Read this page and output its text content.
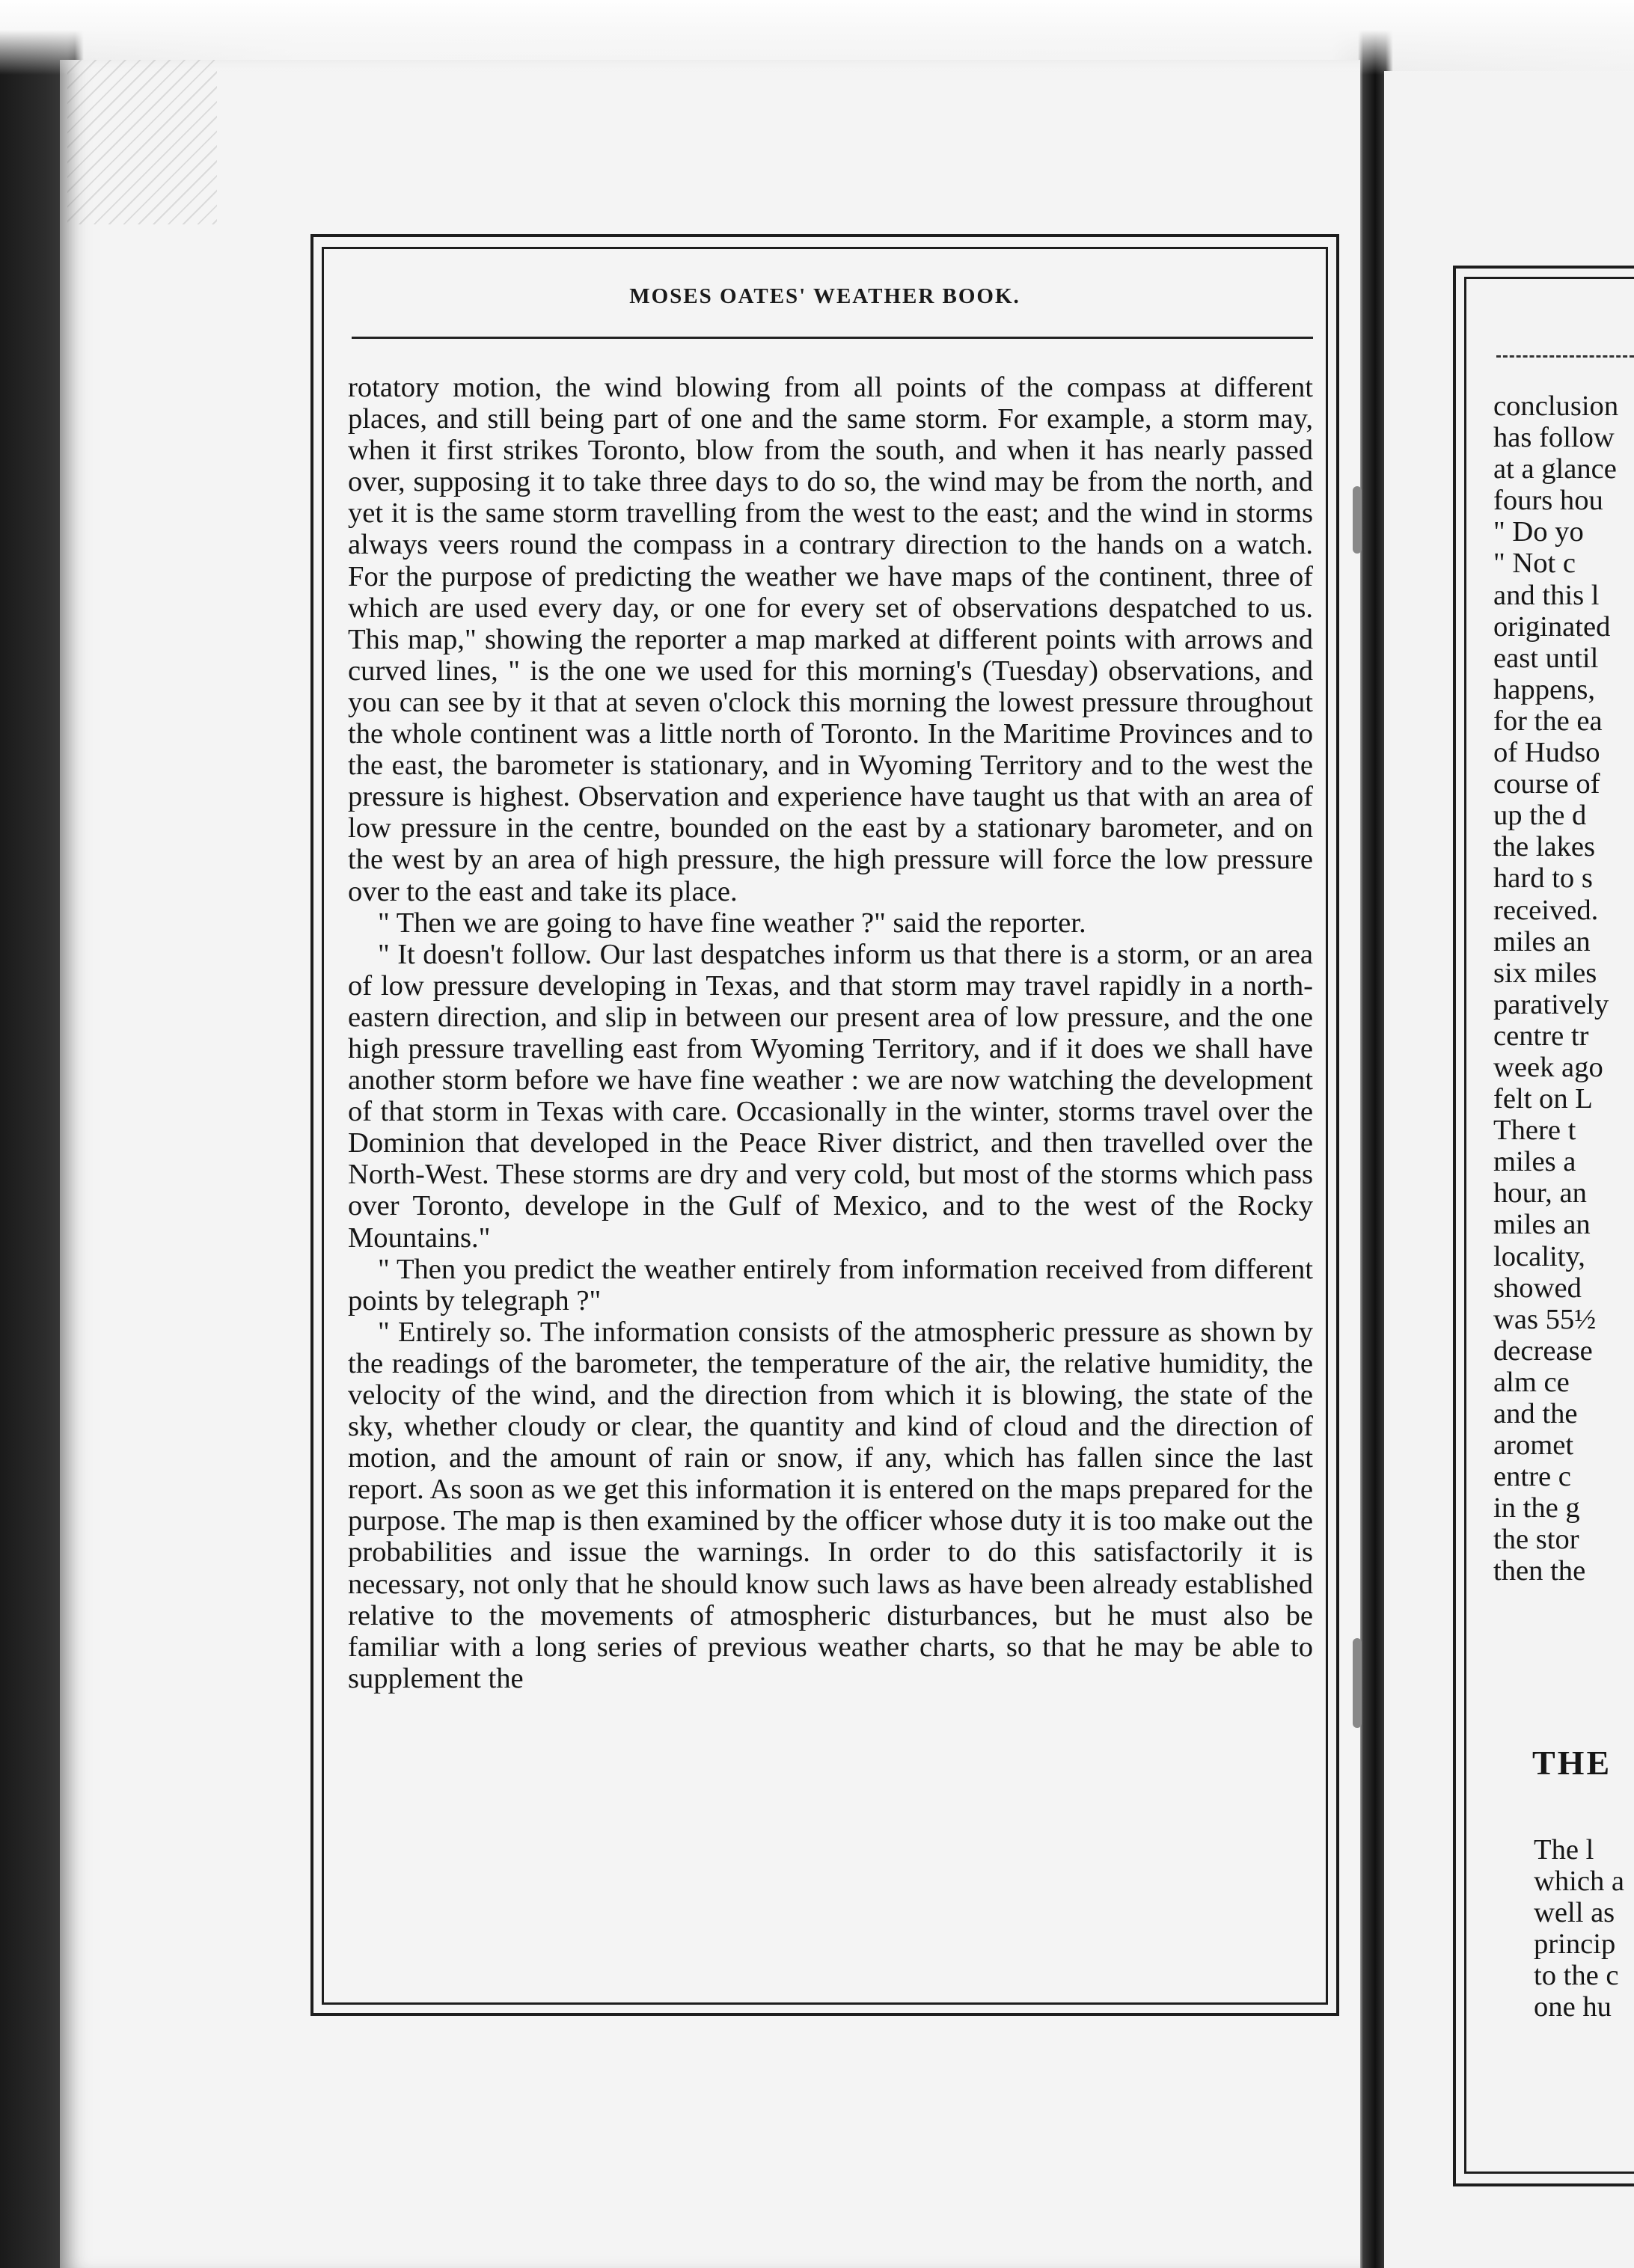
MOSES OATES' WEATHER BOOK.

rotatory motion, the wind blowing from all points of the compass at different places, and still being part of one and the same storm. For example, a storm may, when it first strikes Toronto, blow from the south, and when it has nearly passed over, supposing it to take three days to do so, the wind may be from the north, and yet it is the same storm travelling from the west to the east; and the wind in storms always veers round the compass in a contrary direction to the hands on a watch. For the purpose of predicting the weather we have maps of the continent, three of which are used every day, or one for every set of observations despatched to us. This map," showing the reporter a map marked at different points with arrows and curved lines, " is the one we used for this morning's (Tuesday) observations, and you can see by it that at seven o'clock this morning the lowest pressure throughout the whole continent was a little north of Toronto. In the Maritime Provinces and to the east, the barometer is stationary, and in Wyoming Territory and to the west the pressure is highest. Observation and experience have taught us that with an area of low pressure in the centre, bounded on the east by a stationary barometer, and on the west by an area of high pressure, the high pressure will force the low pressure over to the east and take its place.

" Then we are going to have fine weather ?" said the reporter.

" It doesn't follow. Our last despatches inform us that there is a storm, or an area of low pressure developing in Texas, and that storm may travel rapidly in a north-eastern direction, and slip in between our present area of low pressure, and the one high pressure travelling east from Wyoming Territory, and if it does we shall have another storm before we have fine weather : we are now watching the development of that storm in Texas with care. Occasionally in the winter, storms travel over the Dominion that developed in the Peace River district, and then travelled over the North-West. These storms are dry and very cold, but most of the storms which pass over Toronto, develope in the Gulf of Mexico, and to the west of the Rocky Mountains."

" Then you predict the weather entirely from information received from different points by telegraph ?"

" Entirely so. The information consists of the atmospheric pressure as shown by the readings of the barometer, the temperature of the air, the relative humidity, the velocity of the wind, and the direction from which it is blowing, the state of the sky, whether cloudy or clear, the quantity and kind of cloud and the direction of motion, and the amount of rain or snow, if any, which has fallen since the last report. As soon as we get this information it is entered on the maps prepared for the purpose. The map is then examined by the officer whose duty it is too make out the probabilities and issue the warnings. In order to do this satisfactorily it is necessary, not only that he should know such laws as have been already established relative to the movements of atmospheric disturbances, but he must also be familiar with a long series of previous weather charts, so that he may be able to supplement the

conclusion
has follow
at a glance
fours hou
" Do yo
" Not c
and this l
originated
east until
happens,
for the ea
of Hudso
course of
up the d
the lakes
hard to s
received.
miles an
six miles
paratively
centre tr
week ago
felt on L
There t
miles a
hour, an
miles an
locality,
showed
was 55½
decrease
alm ce
and the
aromet
entre c
in the g
the stor
then the
THE
The l
which a
well as
princip
to the c
one hu
